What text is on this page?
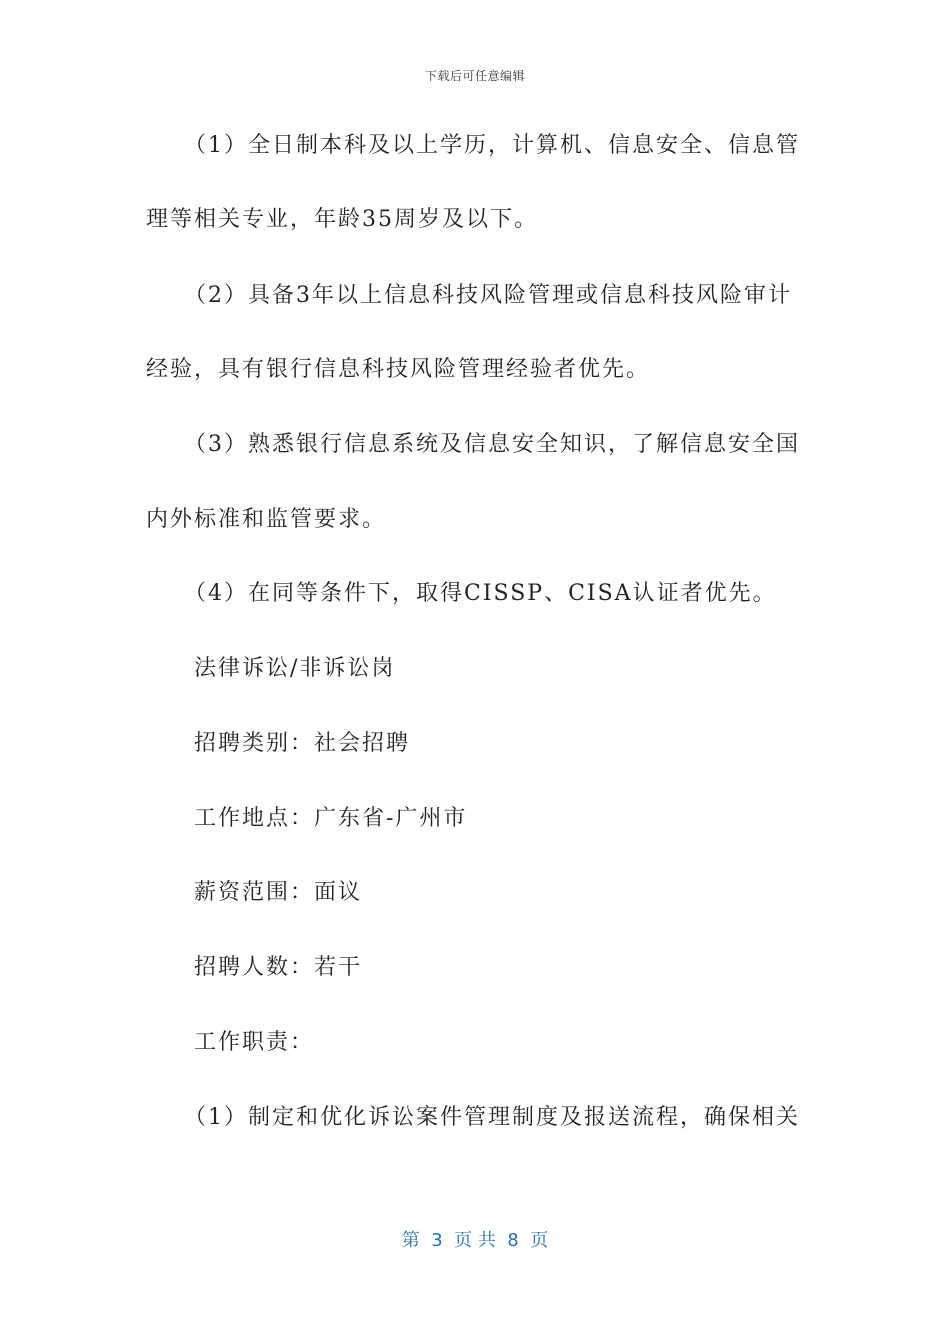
下载后可任意编辑
（1）全日制本科及以上学历，计算机、信息安全、信息管
理等相关专业，年龄35周岁及以下。
（2）具备3年以上信息科技风险管理或信息科技风险审计
经验，具有银行信息科技风险管理经验者优先。
（3）熟悉银行信息系统及信息安全知识，了解信息安全国
内外标准和监管要求。
（4）在同等条件下，取得CISSP、CISA认证者优先。
法律诉讼/非诉讼岗
招聘类别：社会招聘
工作地点：广东省-广州市
薪资范围：面议
招聘人数：若干
工作职责：
（1）制定和优化诉讼案件管理制度及报送流程，确保相关
第  3  页 共  8  页
